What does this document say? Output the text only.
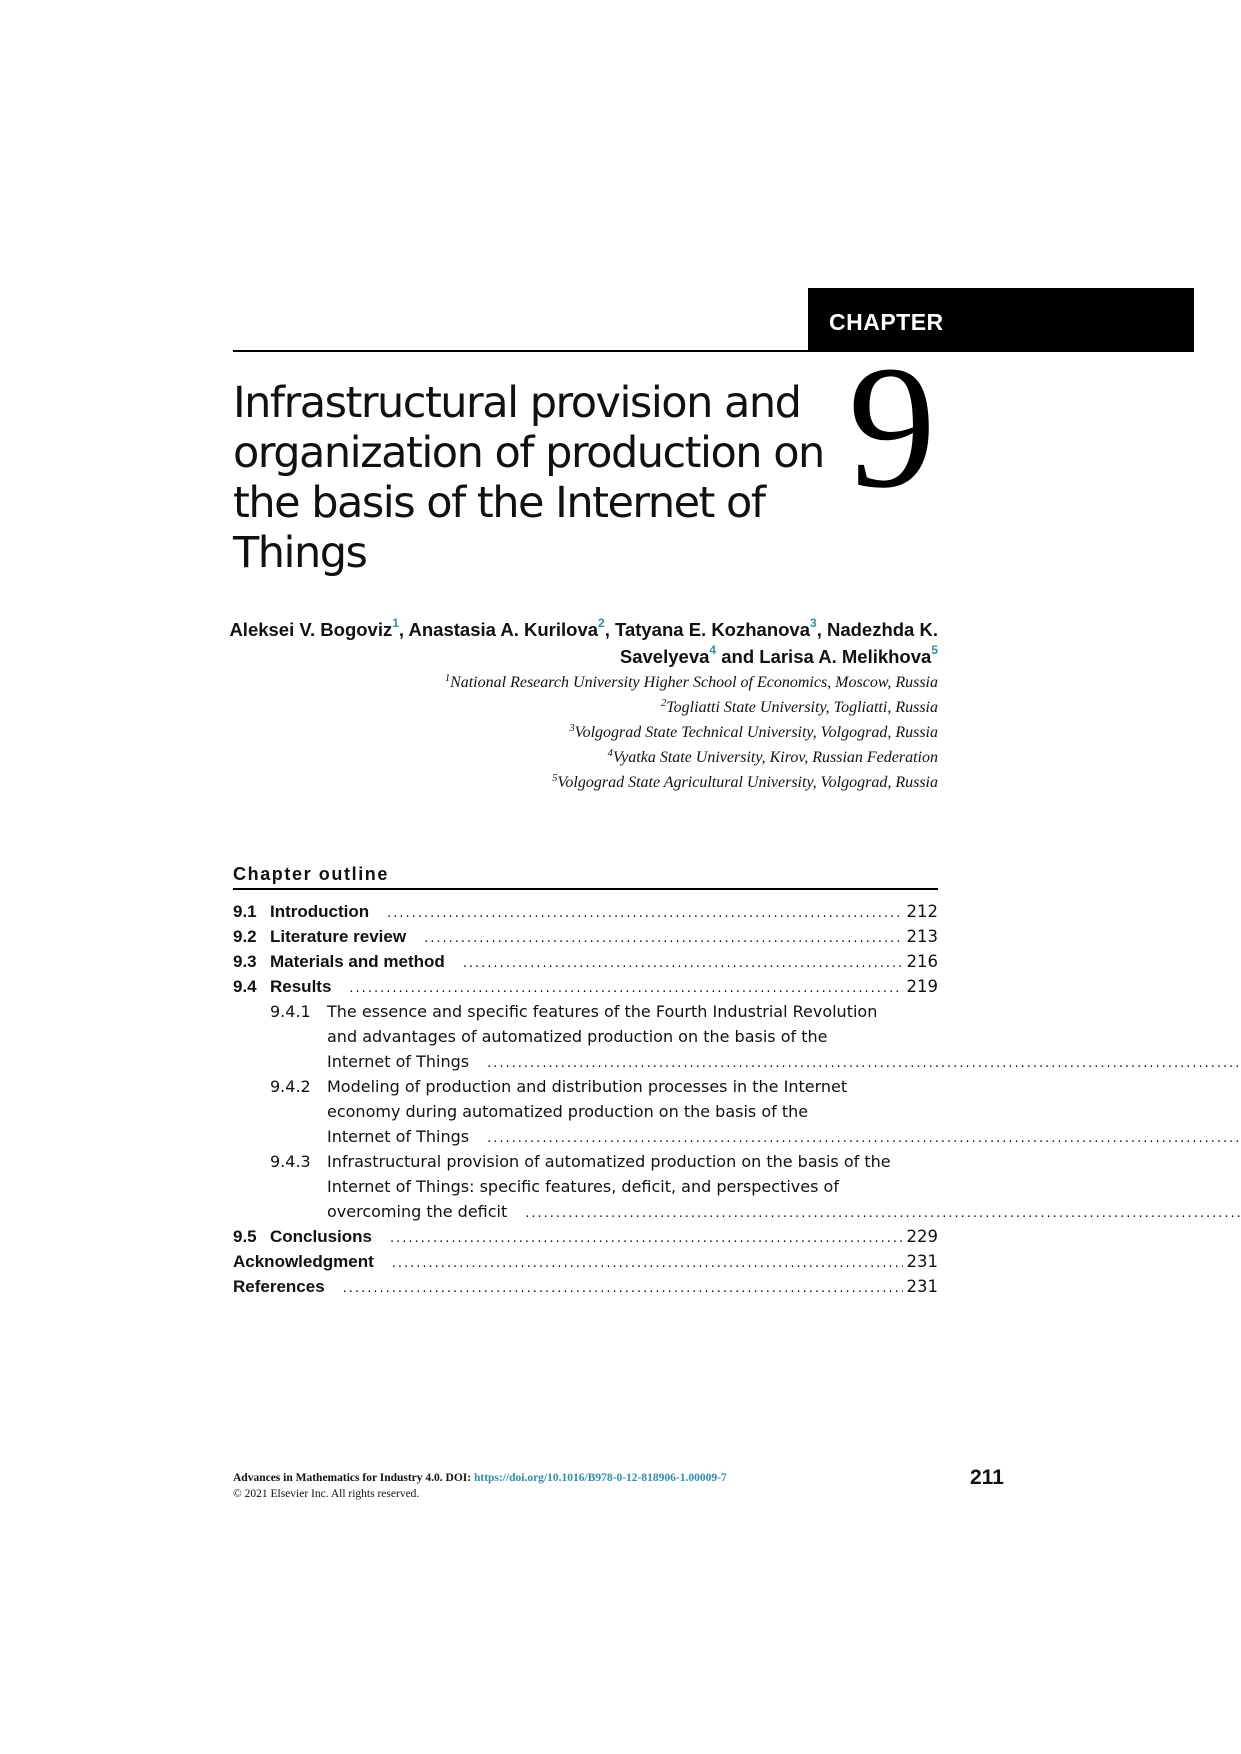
CHAPTER
9
Infrastructural provision and organization of production on the basis of the Internet of Things
Aleksei V. Bogoviz$^1$, Anastasia A. Kurilova$^2$, Tatyana E. Kozhanova$^3$, Nadezhda K. Savelyeva$^4$ and Larisa A. Melikhova$^5$
$^1$National Research University Higher School of Economics, Moscow, Russia
$^2$Togliatti State University, Togliatti, Russia
$^3$Volgograd State Technical University, Volgograd, Russia
$^4$Vyatka State University, Kirov, Russian Federation
$^5$Volgograd State Agricultural University, Volgograd, Russia
Chapter outline
9.1 Introduction .....	212
9.2 Literature review .....	213
9.3 Materials and method .....	216
9.4 Results .....	219
9.4.1	The essence and specific features of the Fourth Industrial Revolution
and advantages of automatized production on the basis of the
Internet of Things
.....
9.4.2	Modeling of production and distribution processes in the Internet
economy during automatized production on the basis of the
Internet of Things
.....
9.4.3	Infrastructural provision of automatized production on the basis of the
Internet of Things: specific features, deficit, and perspectives of
overcoming the deficit
.....
9.5 Conclusions .....	229
Acknowledgment .....	231
References .....	231
Advances in Mathematics for Industry 4.0. DOI: https://doi.org/10.1016/B978-0-12-818906-1.00009-7
© 2021 Elsevier Inc. All rights reserved.
211
